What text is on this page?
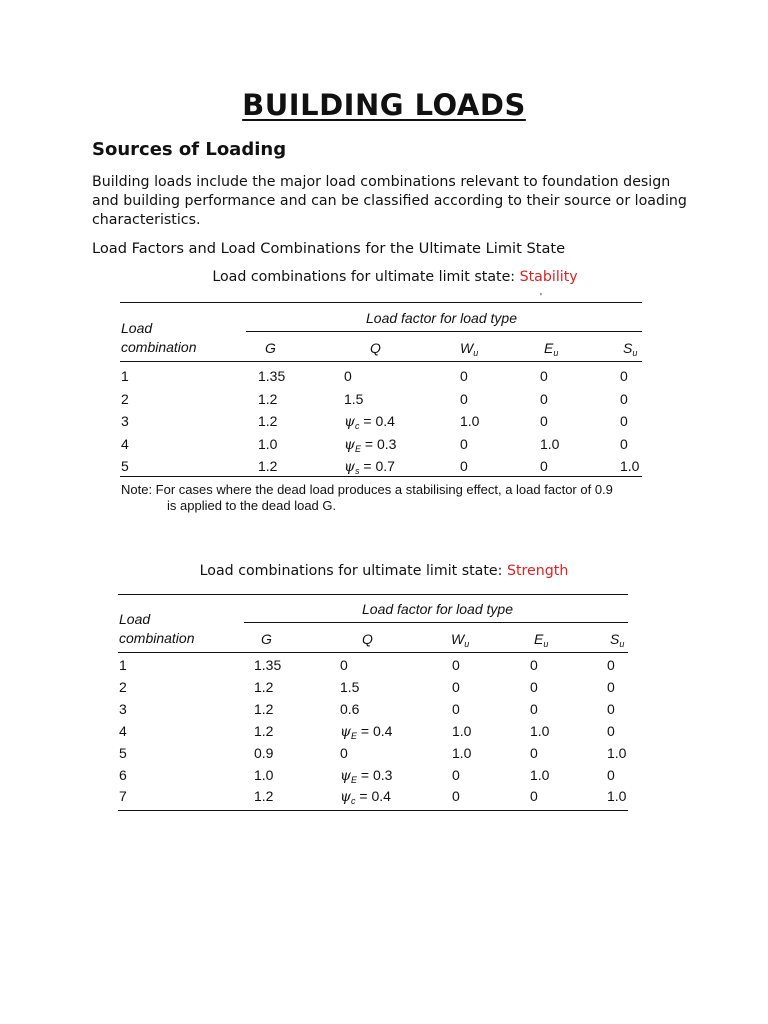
BUILDING LOADS
Sources of Loading
Building loads include the major load combinations relevant to foundation design and building performance and can be classified according to their source or loading characteristics.
Load Factors and Load Combinations for the Ultimate Limit State
Load combinations for ultimate limit state: Stability
'
Load factor for load type
Load
combination	G	Q	$W_u$	$E_u$	$S_u$
1	1.35	0	0	0	0
2	1.2	1.5	0	0	0
3	1.2	$\psi_c = 0.4$	1.0	0	0
4	1.0	$\psi_E = 0.3$	0	1.0	0
5	1.2	$\psi_s = 0.7$	0	0	1.0
Note: For cases where the dead load produces a stabilising effect, a load factor of 0.9
is applied to the dead load G.
Load combinations for ultimate limit state: Strength
Load factor for load type
Load
combination	G	Q	$W_u$	$E_u$	$S_u$
1	1.35	0	0	0	0
2	1.2	1.5	0	0	0
3	1.2	0.6	0	0	0
4	1.2	$\psi_E = 0.4$	1.0	1.0	0
5	0.9	0	1.0	0	1.0
6	1.0	$\psi_E = 0.3$	0	1.0	0
7	1.2	$\psi_c = 0.4$	0	0	1.0
